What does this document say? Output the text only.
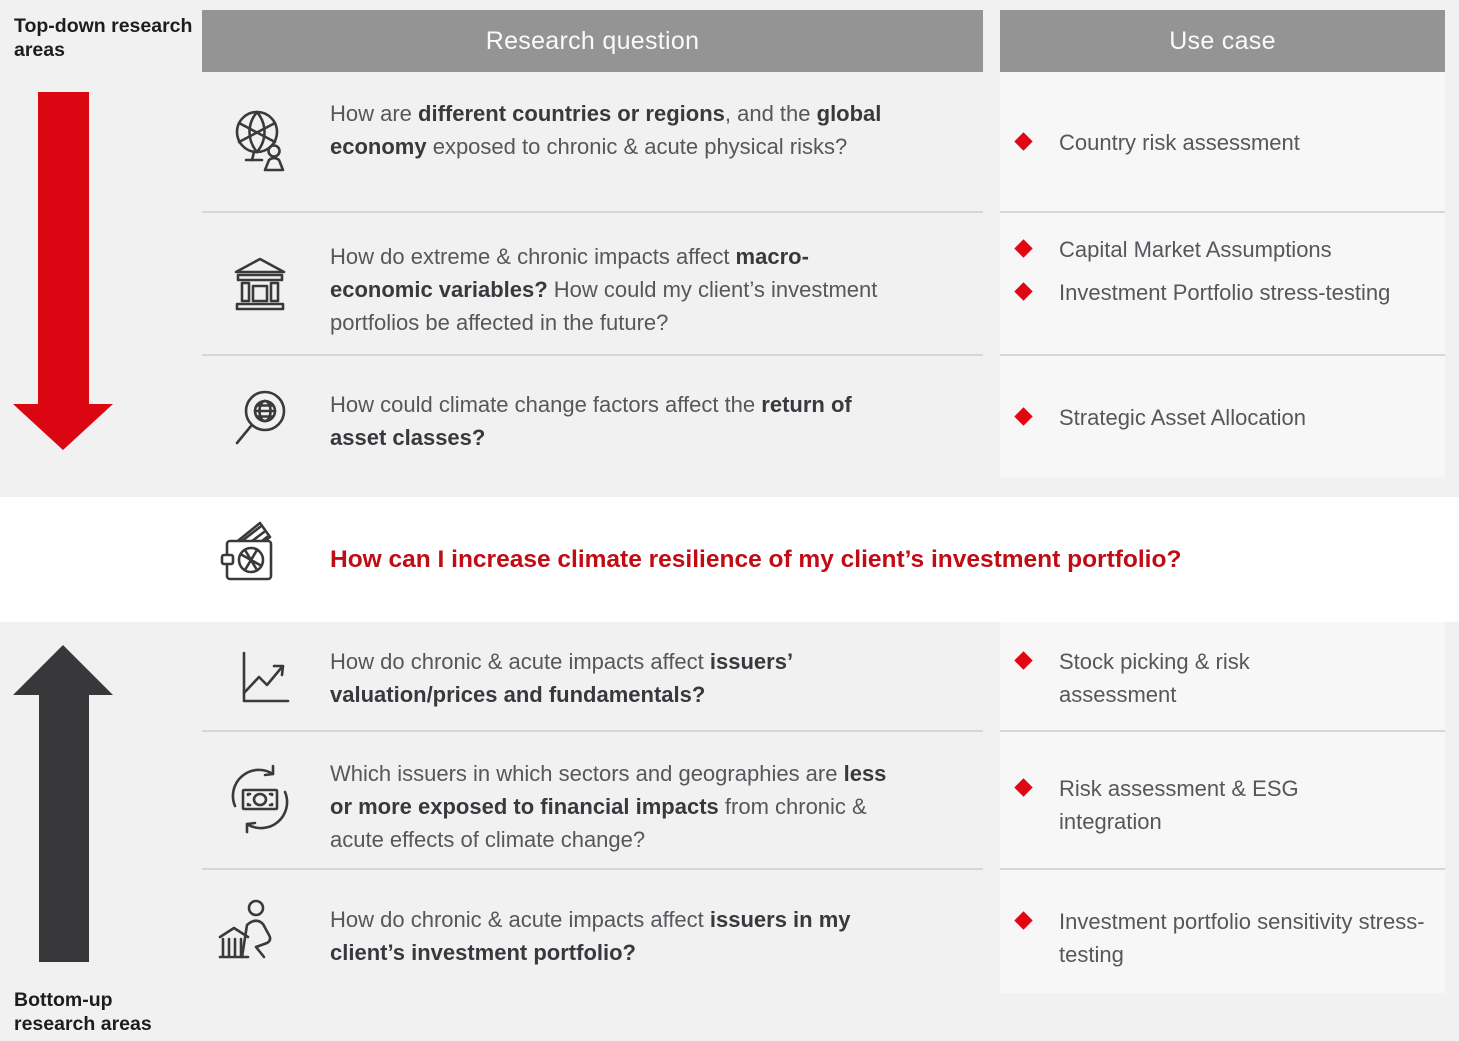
Research question	Use case
Top-down research areas
Bottom-up research areas
How are different countries or regions, and the global economy exposed to chronic & acute physical risks?	Country risk assessment
How do extreme & chronic impacts affect macro-economic variables? How could my client’s investment portfolios be affected in the future?
Capital Market Assumptions
Investment Portfolio stress-testing
How could climate change factors affect the return of asset classes?
Strategic Asset Allocation
How can I increase climate resilience of my client’s investment portfolio?
How do chronic & acute impacts affect issuers’ valuation/prices and fundamentals?
Stock picking & risk assessment
Which issuers in which sectors and geographies are less or more exposed to financial impacts from chronic & acute effects of climate change?
Risk assessment & ESG integration
How do chronic & acute impacts affect issuers in my client’s investment portfolio?
Investment portfolio sensitivity stress-testing
